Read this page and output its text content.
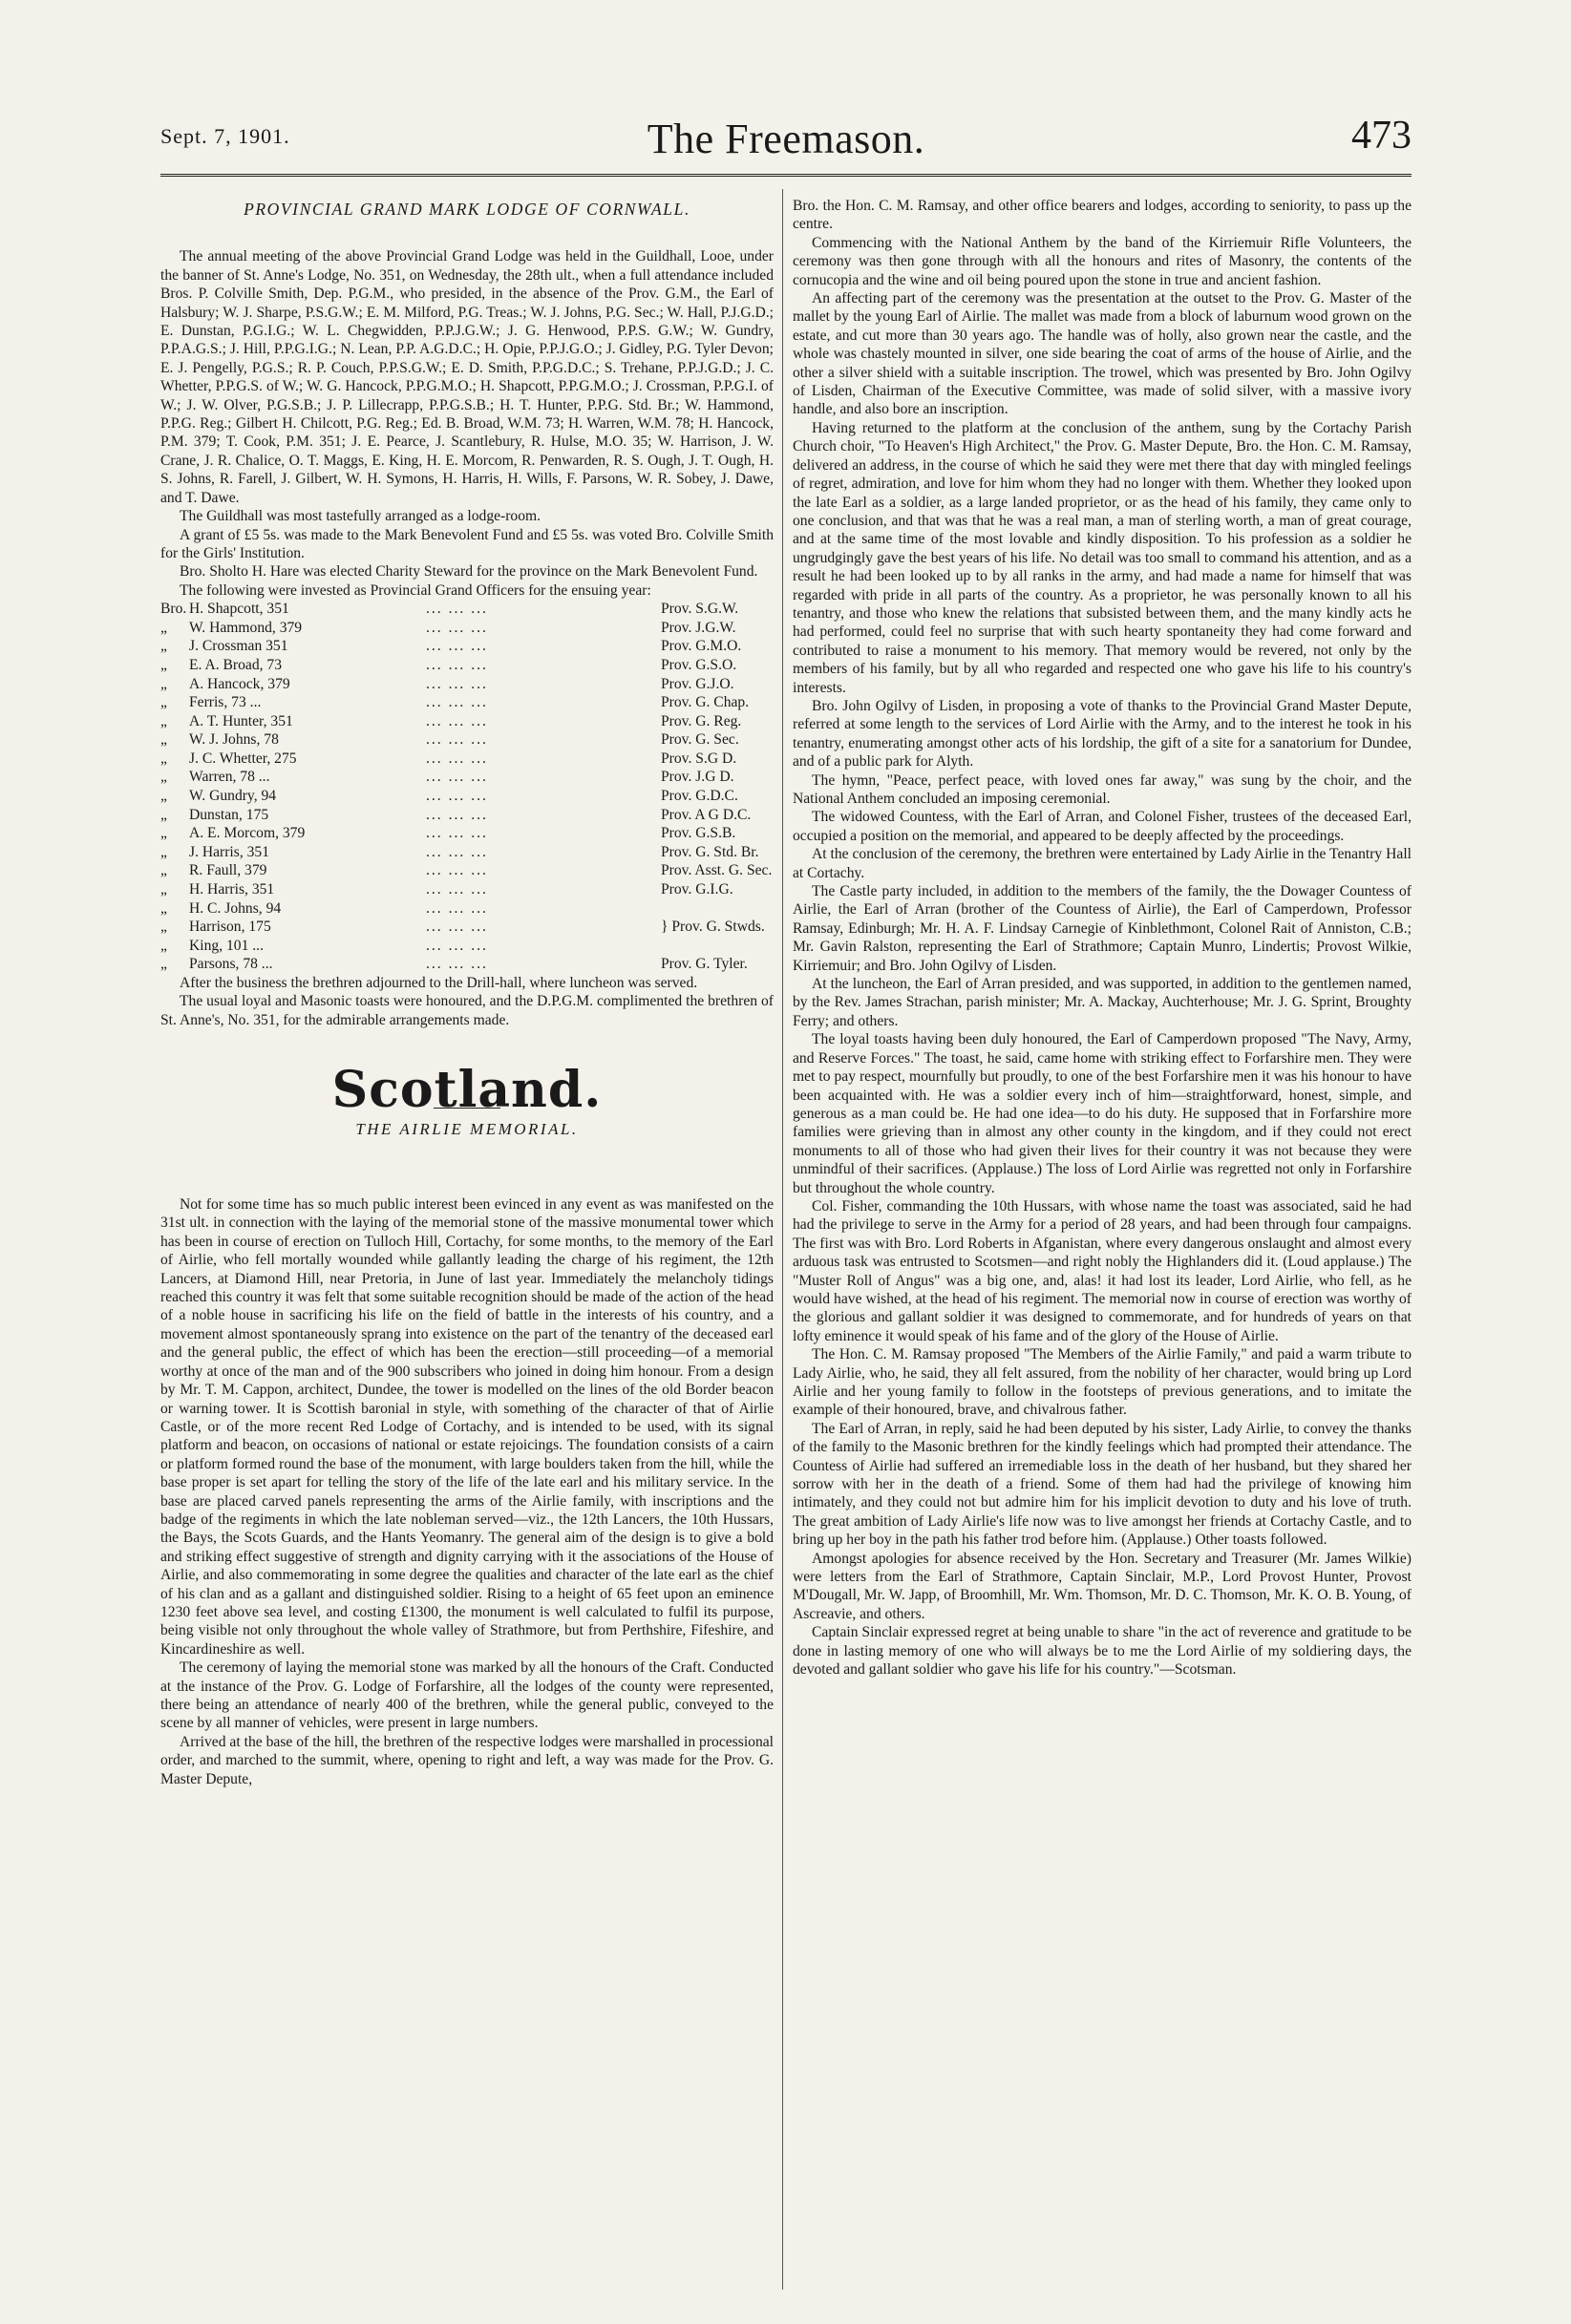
Sept. 7, 1901.	The Freemason.	473
PROVINCIAL GRAND MARK LODGE OF CORNWALL.

The annual meeting of the above Provincial Grand Lodge was held in the Guildhall, Looe, under the banner of St. Anne's Lodge, No. 351, on Wednesday, the 28th ult., when a full attendance included Bros. P. Colville Smith, Dep. P.G.M., who presided, in the absence of the Prov. G.M., the Earl of Halsbury; W. J. Sharpe, P.S.G.W.; E. M. Milford, P.G. Treas.; W. J. Johns, P.G. Sec.; W. Hall, P.J.G.D.; E. Dunstan, P.G.I.G.; W. L. Chegwidden, P.P.J.G.W.; J. G. Henwood, P.P.S. G.W.; W. Gundry, P.P.A.G.S.; J. Hill, P.P.G.I.G.; N. Lean, P.P. A.G.D.C.; H. Opie, P.P.J.G.O.; J. Gidley, P.G. Tyler Devon; E. J. Pengelly, P.G.S.; R. P. Couch, P.P.S.G.W.; E. D. Smith, P.P.G.D.C.; S. Trehane, P.P.J.G.D.; J. C. Whetter, P.P.G.S. of W.; W. G. Hancock, P.P.G.M.O.; H. Shapcott, P.P.G.M.O.; J. Crossman, P.P.G.I. of W.; J. W. Olver, P.G.S.B.; J. P. Lillecrapp, P.P.G.S.B.; H. T. Hunter, P.P.G. Std. Br.; W. Hammond, P.P.G. Reg.; Gilbert H. Chilcott, P.G. Reg.; Ed. B. Broad, W.M. 73; H. Warren, W.M. 78; H. Hancock, P.M. 379; T. Cook, P.M. 351; J. E. Pearce, J. Scantlebury, R. Hulse, M.O. 35; W. Harrison, J. W. Crane, J. R. Chalice, O. T. Maggs, E. King, H. E. Morcom, R. Penwarden, R. S. Ough, J. T. Ough, H. S. Johns, R. Farell, J. Gilbert, W. H. Symons, H. Harris, H. Wills, F. Parsons, W. R. Sobey, J. Dawe, and T. Dawe.

The Guildhall was most tastefully arranged as a lodge-room.

A grant of £5 5s. was made to the Mark Benevolent Fund and £5 5s. was voted Bro. Colville Smith for the Girls' Institution.

Bro. Sholto H. Hare was elected Charity Steward for the province on the Mark Benevolent Fund.

The following were invested as Provincial Grand Officers for the ensuing year:

Bro. H. Shapcott, 351	... ... ...	Prov. S.G.W.
„	W. Hammond, 379	... ... ...	Prov. J.G.W.
„	J. Crossman 351	... ... ...	Prov. G.M.O.
„	E. A. Broad, 73	... ... ...	Prov. G.S.O.
„	A. Hancock, 379	... ... ...	Prov. G.J.O.
„	Ferris, 73 ...	... ... ...	Prov. G. Chap.
„	A. T. Hunter, 351	... ... ...	Prov. G. Reg.
„	W. J. Johns, 78	... ... ...	Prov. G. Sec.
„	J. C. Whetter, 275	... ... ...	Prov. S.G D.
„	Warren, 78 ...	... ... ...	Prov. J.G D.
„	W. Gundry, 94	... ... ...	Prov. G.D.C.
„	Dunstan, 175	... ... ...	Prov. A G D.C.
„	A. E. Morcom, 379	... ... ...	Prov. G.S.B.
„	J. Harris, 351	... ... ...	Prov. G. Std. Br.
„	R. Faull, 379	... ... ...	Prov. Asst. G. Sec.
„	H. Harris, 351	... ... ...	Prov. G.I.G.
„	H. C. Johns, 94	... ... ...
„	Harrison, 175	... ... ...	} Prov. G. Stwds.
„	King, 101 ...	... ... ...
„	Parsons, 78 ...	... ... ...	Prov. G. Tyler.

After the business the brethren adjourned to the Drill-hall, where luncheon was served.

The usual loyal and Masonic toasts were honoured, and the D.P.G.M. complimented the brethren of St. Anne's, No. 351, for the admirable arrangements made.

Scotland.
THE AIRLIE MEMORIAL.

Not for some time has so much public interest been evinced in any event as was manifested on the 31st ult. in connection with the laying of the memorial stone of the massive monumental tower which has been in course of erection on Tulloch Hill, Cortachy, for some months, to the memory of the Earl of Airlie, who fell mortally wounded while gallantly leading the charge of his regiment, the 12th Lancers, at Diamond Hill, near Pretoria, in June of last year. Immediately the melancholy tidings reached this country it was felt that some suitable recognition should be made of the action of the head of a noble house in sacrificing his life on the field of battle in the interests of his country, and a movement almost spontaneously sprang into existence on the part of the tenantry of the deceased earl and the general public, the effect of which has been the erection—still proceeding—of a memorial worthy at once of the man and of the 900 subscribers who joined in doing him honour. From a design by Mr. T. M. Cappon, architect, Dundee, the tower is modelled on the lines of the old Border beacon or warning tower. It is Scottish baronial in style, with something of the character of that of Airlie Castle, or of the more recent Red Lodge of Cortachy, and is intended to be used, with its signal platform and beacon, on occasions of national or estate rejoicings. The foundation consists of a cairn or platform formed round the base of the monument, with large boulders taken from the hill, while the base proper is set apart for telling the story of the life of the late earl and his military service. In the base are placed carved panels representing the arms of the Airlie family, with inscriptions and the badge of the regiments in which the late nobleman served—viz., the 12th Lancers, the 10th Hussars, the Bays, the Scots Guards, and the Hants Yeomanry. The general aim of the design is to give a bold and striking effect suggestive of strength and dignity carrying with it the associations of the House of Airlie, and also commemorating in some degree the qualities and character of the late earl as the chief of his clan and as a gallant and distinguished soldier. Rising to a height of 65 feet upon an eminence 1230 feet above sea level, and costing £1300, the monument is well calculated to fulfil its purpose, being visible not only throughout the whole valley of Strathmore, but from Perthshire, Fifeshire, and Kincardineshire as well.

The ceremony of laying the memorial stone was marked by all the honours of the Craft. Conducted at the instance of the Prov. G. Lodge of Forfarshire, all the lodges of the county were represented, there being an attendance of nearly 400 of the brethren, while the general public, conveyed to the scene by all manner of vehicles, were present in large numbers.

Arrived at the base of the hill, the brethren of the respective lodges were marshalled in processional order, and marched to the summit, where, opening to right and left, a way was made for the Prov. G. Master Depute,

Bro. the Hon. C. M. Ramsay, and other office bearers and lodges, according to seniority, to pass up the centre.

Commencing with the National Anthem by the band of the Kirriemuir Rifle Volunteers, the ceremony was then gone through with all the honours and rites of Masonry, the contents of the cornucopia and the wine and oil being poured upon the stone in true and ancient fashion.

An affecting part of the ceremony was the presentation at the outset to the Prov. G. Master of the mallet by the young Earl of Airlie. The mallet was made from a block of laburnum wood grown on the estate, and cut more than 30 years ago. The handle was of holly, also grown near the castle, and the whole was chastely mounted in silver, one side bearing the coat of arms of the house of Airlie, and the other a silver shield with a suitable inscription. The trowel, which was presented by Bro. John Ogilvy of Lisden, Chairman of the Executive Committee, was made of solid silver, with a massive ivory handle, and also bore an inscription.

Having returned to the platform at the conclusion of the anthem, sung by the Cortachy Parish Church choir, "To Heaven's High Architect," the Prov. G. Master Depute, Bro. the Hon. C. M. Ramsay, delivered an address, in the course of which he said they were met there that day with mingled feelings of regret, admiration, and love for him whom they had no longer with them. Whether they looked upon the late Earl as a soldier, as a large landed proprietor, or as the head of his family, they came only to one conclusion, and that was that he was a real man, a man of sterling worth, a man of great courage, and at the same time of the most lovable and kindly disposition. To his profession as a soldier he ungrudgingly gave the best years of his life. No detail was too small to command his attention, and as a result he had been looked up to by all ranks in the army, and had made a name for himself that was regarded with pride in all parts of the country. As a proprietor, he was personally known to all his tenantry, and those who knew the relations that subsisted between them, and the many kindly acts he had performed, could feel no surprise that with such hearty spontaneity they had come forward and contributed to raise a monument to his memory. That memory would be revered, not only by the members of his family, but by all who regarded and respected one who gave his life to his country's interests.

Bro. John Ogilvy of Lisden, in proposing a vote of thanks to the Provincial Grand Master Depute, referred at some length to the services of Lord Airlie with the Army, and to the interest he took in his tenantry, enumerating amongst other acts of his lordship, the gift of a site for a sanatorium for Dundee, and of a public park for Alyth.

The hymn, "Peace, perfect peace, with loved ones far away," was sung by the choir, and the National Anthem concluded an imposing ceremonial.

The widowed Countess, with the Earl of Arran, and Colonel Fisher, trustees of the deceased Earl, occupied a position on the memorial, and appeared to be deeply affected by the proceedings.

At the conclusion of the ceremony, the brethren were entertained by Lady Airlie in the Tenantry Hall at Cortachy.

The Castle party included, in addition to the members of the family, the the Dowager Countess of Airlie, the Earl of Arran (brother of the Countess of Airlie), the Earl of Camperdown, Professor Ramsay, Edinburgh; Mr. H. A. F. Lindsay Carnegie of Kinblethmont, Colonel Rait of Anniston, C.B.; Mr. Gavin Ralston, representing the Earl of Strathmore; Captain Munro, Lindertis; Provost Wilkie, Kirriemuir; and Bro. John Ogilvy of Lisden.

At the luncheon, the Earl of Arran presided, and was supported, in addition to the gentlemen named, by the Rev. James Strachan, parish minister; Mr. A. Mackay, Auchterhouse; Mr. J. G. Sprint, Broughty Ferry; and others.

The loyal toasts having been duly honoured, the Earl of Camperdown proposed "The Navy, Army, and Reserve Forces." The toast, he said, came home with striking effect to Forfarshire men. They were met to pay respect, mournfully but proudly, to one of the best Forfarshire men it was his honour to have been acquainted with. He was a soldier every inch of him—straightforward, honest, simple, and generous as a man could be. He had one idea—to do his duty. He supposed that in Forfarshire more families were grieving than in almost any other county in the kingdom, and if they could not erect monuments to all of those who had given their lives for their country it was not because they were unmindful of their sacrifices. (Applause.) The loss of Lord Airlie was regretted not only in Forfarshire but throughout the whole country.

Col. Fisher, commanding the 10th Hussars, with whose name the toast was associated, said he had had the privilege to serve in the Army for a period of 28 years, and had been through four campaigns. The first was with Bro. Lord Roberts in Afganistan, where every dangerous onslaught and almost every arduous task was entrusted to Scotsmen—and right nobly the Highlanders did it. (Loud applause.) The "Muster Roll of Angus" was a big one, and, alas! it had lost its leader, Lord Airlie, who fell, as he would have wished, at the head of his regiment. The memorial now in course of erection was worthy of the glorious and gallant soldier it was designed to commemorate, and for hundreds of years on that lofty eminence it would speak of his fame and of the glory of the House of Airlie.

The Hon. C. M. Ramsay proposed "The Members of the Airlie Family," and paid a warm tribute to Lady Airlie, who, he said, they all felt assured, from the nobility of her character, would bring up Lord Airlie and her young family to follow in the footsteps of previous generations, and to imitate the example of their honoured, brave, and chivalrous father.

The Earl of Arran, in reply, said he had been deputed by his sister, Lady Airlie, to convey the thanks of the family to the Masonic brethren for the kindly feelings which had prompted their attendance. The Countess of Airlie had suffered an irremediable loss in the death of her husband, but they shared her sorrow with her in the death of a friend. Some of them had had the privilege of knowing him intimately, and they could not but admire him for his implicit devotion to duty and his love of truth. The great ambition of Lady Airlie's life now was to live amongst her friends at Cortachy Castle, and to bring up her boy in the path his father trod before him. (Applause.) Other toasts followed.

Amongst apologies for absence received by the Hon. Secretary and Treasurer (Mr. James Wilkie) were letters from the Earl of Strathmore, Captain Sinclair, M.P., Lord Provost Hunter, Provost M'Dougall, Mr. W. Japp, of Broomhill, Mr. Wm. Thomson, Mr. D. C. Thomson, Mr. K. O. B. Young, of Ascreavie, and others.

Captain Sinclair expressed regret at being unable to share "in the act of reverence and gratitude to be done in lasting memory of one who will always be to me the Lord Airlie of my soldiering days, the devoted and gallant soldier who gave his life for his country."—Scotsman.
